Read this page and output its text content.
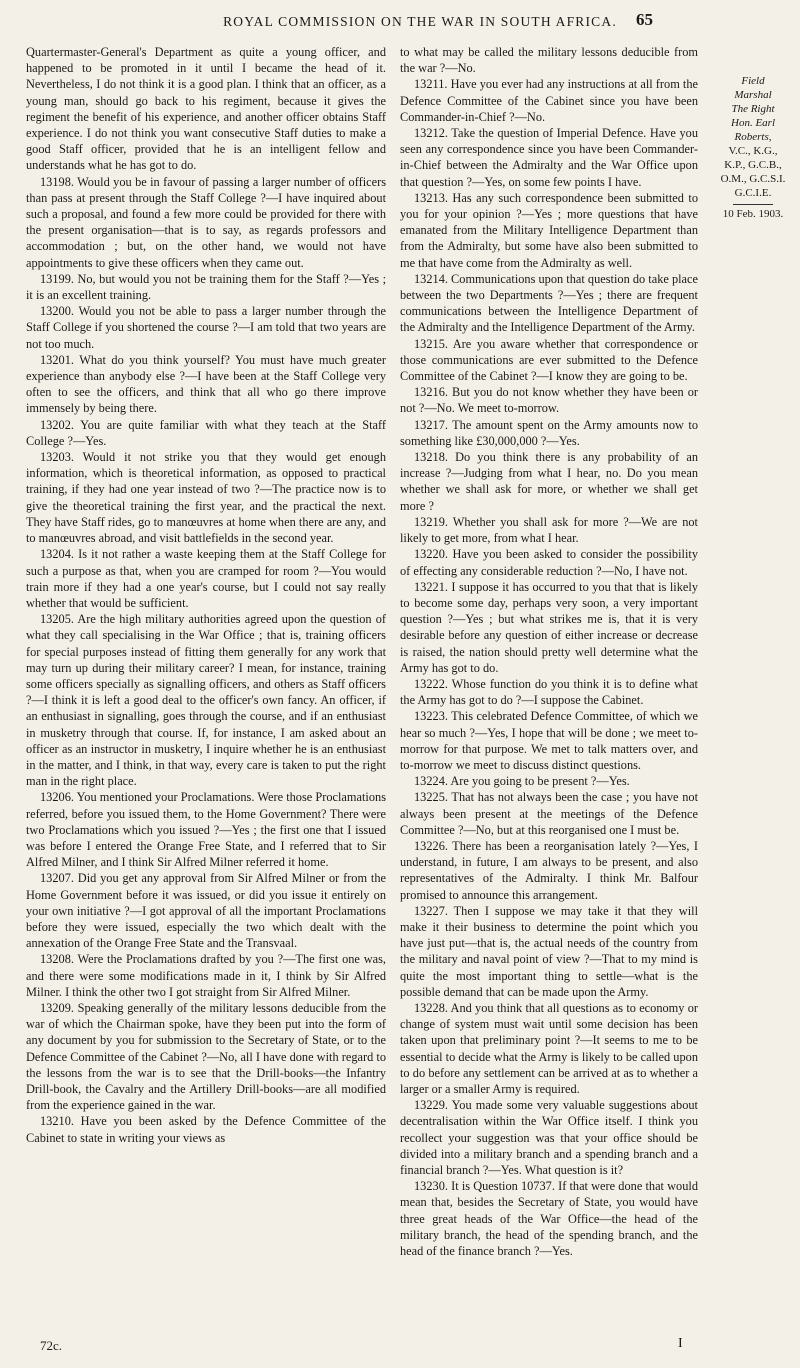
ROYAL COMMISSION ON THE WAR IN SOUTH AFRICA.	65

Quartermaster-General's Department as quite a young officer, and happened to be promoted in it until I became the head of it. Nevertheless, I do not think it is a good plan. I think that an officer, as a young man, should go back to his regiment, because it gives the regiment the benefit of his experience, and another officer obtains Staff experience. I do not think you want consecutive Staff duties to make a good Staff officer, provided that he is an intelligent fellow and understands what he has got to do.

13198. Would you be in favour of passing a larger number of officers than pass at present through the Staff College ?—I have inquired about such a proposal, and found a few more could be provided for there with the present organisation—that is to say, as regards professors and accommodation ; but, on the other hand, we would not have appointments to give these officers when they came out.

13199. No, but would you not be training them for the Staff ?—Yes ; it is an excellent training.

13200. Would you not be able to pass a larger number through the Staff College if you shortened the course ?—I am told that two years are not too much.

13201. What do you think yourself? You must have much greater experience than anybody else ?—I have been at the Staff College very often to see the officers, and think that all who go there improve immensely by being there.

13202. You are quite familiar with what they teach at the Staff College ?—Yes.

13203. Would it not strike you that they would get enough information, which is theoretical information, as opposed to practical training, if they had one year instead of two ?—The practice now is to give the theoretical training the first year, and the practical the next. They have Staff rides, go to manœuvres at home when there are any, and to manœuvres abroad, and visit battlefields in the second year.

13204. Is it not rather a waste keeping them at the Staff College for such a purpose as that, when you are cramped for room ?—You would train more if they had a one year's course, but I could not say really whether that would be sufficient.

13205. Are the high military authorities agreed upon the question of what they call specialising in the War Office ; that is, training officers for special purposes instead of fitting them generally for any work that may turn up during their military career? I mean, for instance, training some officers specially as signalling officers, and others as Staff officers ?—I think it is left a good deal to the officer's own fancy. An officer, if an enthusiast in signalling, goes through the course, and if an enthusiast in musketry through that course. If, for instance, I am asked about an officer as an instructor in musketry, I inquire whether he is an enthusiast in the matter, and I think, in that way, every care is taken to put the right man in the right place.

13206. You mentioned your Proclamations. Were those Proclamations referred, before you issued them, to the Home Government? There were two Proclamations which you issued ?—Yes ; the first one that I issued was before I entered the Orange Free State, and I referred that to Sir Alfred Milner, and I think Sir Alfred Milner referred it home.

13207. Did you get any approval from Sir Alfred Milner or from the Home Government before it was issued, or did you issue it entirely on your own initiative ?—I got approval of all the important Proclamations before they were issued, especially the two which dealt with the annexation of the Orange Free State and the Transvaal.

13208. Were the Proclamations drafted by you ?—The first one was, and there were some modifications made in it, I think by Sir Alfred Milner. I think the other two I got straight from Sir Alfred Milner.

13209. Speaking generally of the military lessons deducible from the war of which the Chairman spoke, have they been put into the form of any document by you for submission to the Secretary of State, or to the Defence Committee of the Cabinet ?—No, all I have done with regard to the lessons from the war is to see that the Drill-books—the Infantry Drill-book, the Cavalry and the Artillery Drill-books—are all modified from the experience gained in the war.

13210. Have you been asked by the Defence Committee of the Cabinet to state in writing your views as

to what may be called the military lessons deducible from the war ?—No.

13211. Have you ever had any instructions at all from the Defence Committee of the Cabinet since you have been Commander-in-Chief ?—No.

13212. Take the question of Imperial Defence. Have you seen any correspondence since you have been Commander-in-Chief between the Admiralty and the War Office upon that question ?—Yes, on some few points I have.

13213. Has any such correspondence been submitted to you for your opinion ?—Yes ; more questions that have emanated from the Military Intelligence Department than from the Admiralty, but some have also been submitted to me that have come from the Admiralty as well.

13214. Communications upon that question do take place between the two Departments ?—Yes ; there are frequent communications between the Intelligence Department of the Admiralty and the Intelligence Department of the Army.

13215. Are you aware whether that correspondence or those communications are ever submitted to the Defence Committee of the Cabinet ?—I know they are going to be.

13216. But you do not know whether they have been or not ?—No. We meet to-morrow.

13217. The amount spent on the Army amounts now to something like £30,000,000 ?—Yes.

13218. Do you think there is any probability of an increase ?—Judging from what I hear, no. Do you mean whether we shall ask for more, or whether we shall get more ?

13219. Whether you shall ask for more ?—We are not likely to get more, from what I hear.

13220. Have you been asked to consider the possibility of effecting any considerable reduction ?—No, I have not.

13221. I suppose it has occurred to you that that is likely to become some day, perhaps very soon, a very important question ?—Yes ; but what strikes me is, that it is very desirable before any question of either increase or decrease is raised, the nation should pretty well determine what the Army has got to do.

13222. Whose function do you think it is to define what the Army has got to do ?—I suppose the Cabinet.

13223. This celebrated Defence Committee, of which we hear so much ?—Yes, I hope that will be done ; we meet to-morrow for that purpose. We met to talk matters over, and to-morrow we meet to discuss distinct questions.

13224. Are you going to be present ?—Yes.

13225. That has not always been the case ; you have not always been present at the meetings of the Defence Committee ?—No, but at this reorganised one I must be.

13226. There has been a reorganisation lately ?—Yes, I understand, in future, I am always to be present, and also representatives of the Admiralty. I think Mr. Balfour promised to announce this arrangement.

13227. Then I suppose we may take it that they will make it their business to determine the point which you have just put—that is, the actual needs of the country from the military and naval point of view ?—That to my mind is quite the most important thing to settle—what is the possible demand that can be made upon the Army.

13228. And you think that all questions as to economy or change of system must wait until some decision has been taken upon that preliminary point ?—It seems to me to be essential to decide what the Army is likely to be called upon to do before any settlement can be arrived at as to whether a larger or a smaller Army is required.

13229. You made some very valuable suggestions about decentralisation within the War Office itself. I think you recollect your suggestion was that your office should be divided into a military branch and a spending branch and a financial branch ?—Yes. What question is it?

13230. It is Question 10737. If that were done that would mean that, besides the Secretary of State, you would have three great heads of the War Office—the head of the military branch, the head of the spending branch, and the head of the finance branch ?—Yes.

Field
Marshal
The Right
Hon. Earl
Roberts,
V.C., K.G.,
K.P., G.C.B.,
O.M., G.C.S.I.
G.C.I.E.
10 Feb. 1903.
72c.	I
